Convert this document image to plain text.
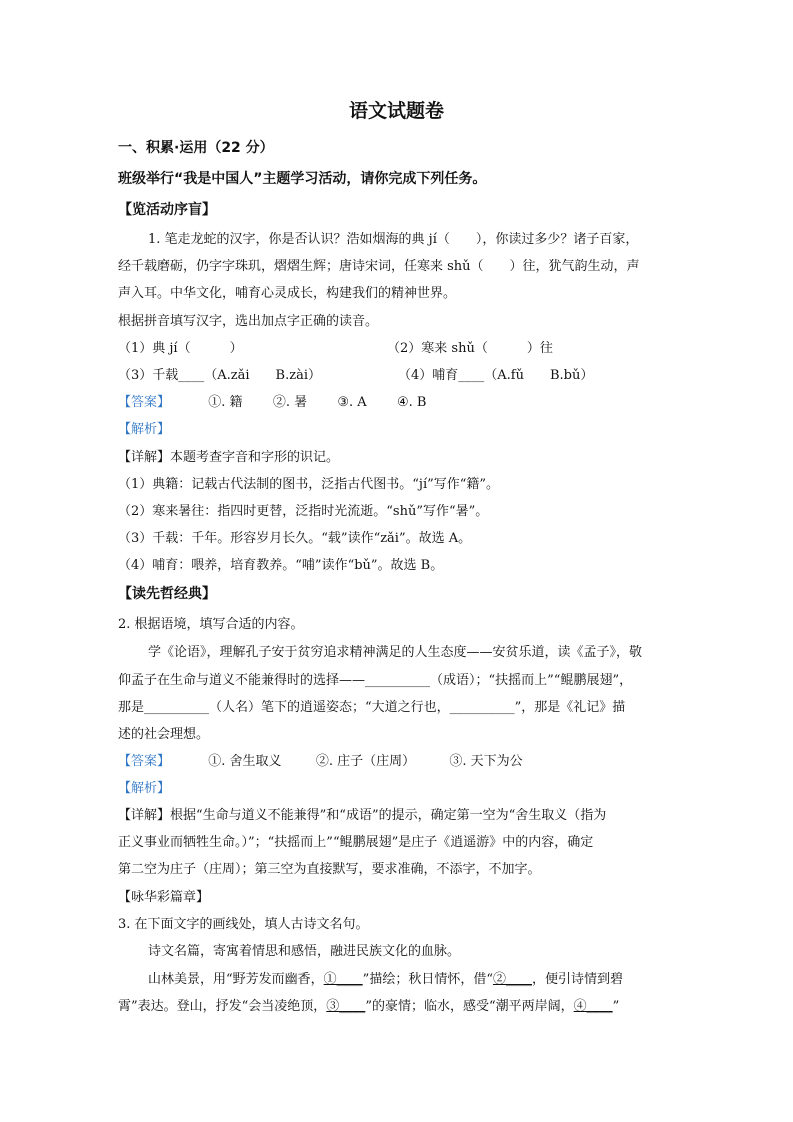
语文试题卷
一、积累·运用（22 分）
班级举行“我是中国人”主题学习活动，请你完成下列任务。
【览活动序盲】
1. 笔走龙蛇的汉字，你是否认识？浩如烟海的典 jí（　　），你读过多少？诸子百家，
经千载磨砺，仍字字珠玑，熠熠生辉；唐诗宋词，任寒来 shǔ（　　）往，犹气韵生动，声
声入耳。中华文化，哺育心灵成长，构建我们的精神世界。
根据拼音填写汉字，选出加点字正确的读音。
（1）典 jí（　　　）	（2）寒来 shǔ（　　　）往
（3）千载____（A.zǎi　　B.zài）	（4）哺育____（A.fǔ　　B.bǔ）
【答案】	①. 籍 ②. 暑 ③. A ④. B
【解析】
【详解】本题考查字音和字形的识记。
（1）典籍：记载古代法制的图书，泛指古代图书。“jí”写作“籍”。
（2）寒来暑往：指四时更替，泛指时光流逝。“shǔ”写作“暑”。
（3）千载：千年。形容岁月长久。“载”读作“zǎi”。故选 A。
（4）哺育：喂养，培育教养。“哺”读作“bǔ”。故选 B。
【读先哲经典】
2. 根据语境，填写合适的内容。
学《论语》，理解孔子安于贫穷追求精神满足的人生态度——安贫乐道，读《孟子》，敬
仰孟子在生命与道义不能兼得时的选择——__________（成语）；“扶摇而上”“鲲鹏展翅”，
那是__________（人名）笔下的逍遥姿态；“大道之行也，__________”，那是《礼记》描
述的社会理想。
【答案】	①. 舍生取义	②. 庄子（庄周）	③. 天下为公
【解析】
【详解】根据“生命与道义不能兼得”和“成语”的提示，确定第一空为“舍生取义（指为
正义事业而牺牲生命。）”；“扶摇而上”“鲲鹏展翅”是庄子《逍遥游》中的内容，确定
第二空为庄子（庄周）；第三空为直接默写，要求准确，不添字，不加字。
【咏华彩篇章】
3. 在下面文字的画线处，填人古诗文名句。
诗文名篇，寄寓着情思和感悟，融进民族文化的血脉。
山林美景，用“野芳发而幽香，①____”描绘；秋日情怀，借“②____，便引诗情到碧
霄”表达。登山，抒发“会当凌绝顶，③____”的豪情；临水，感受“潮平两岸阔，④____”
